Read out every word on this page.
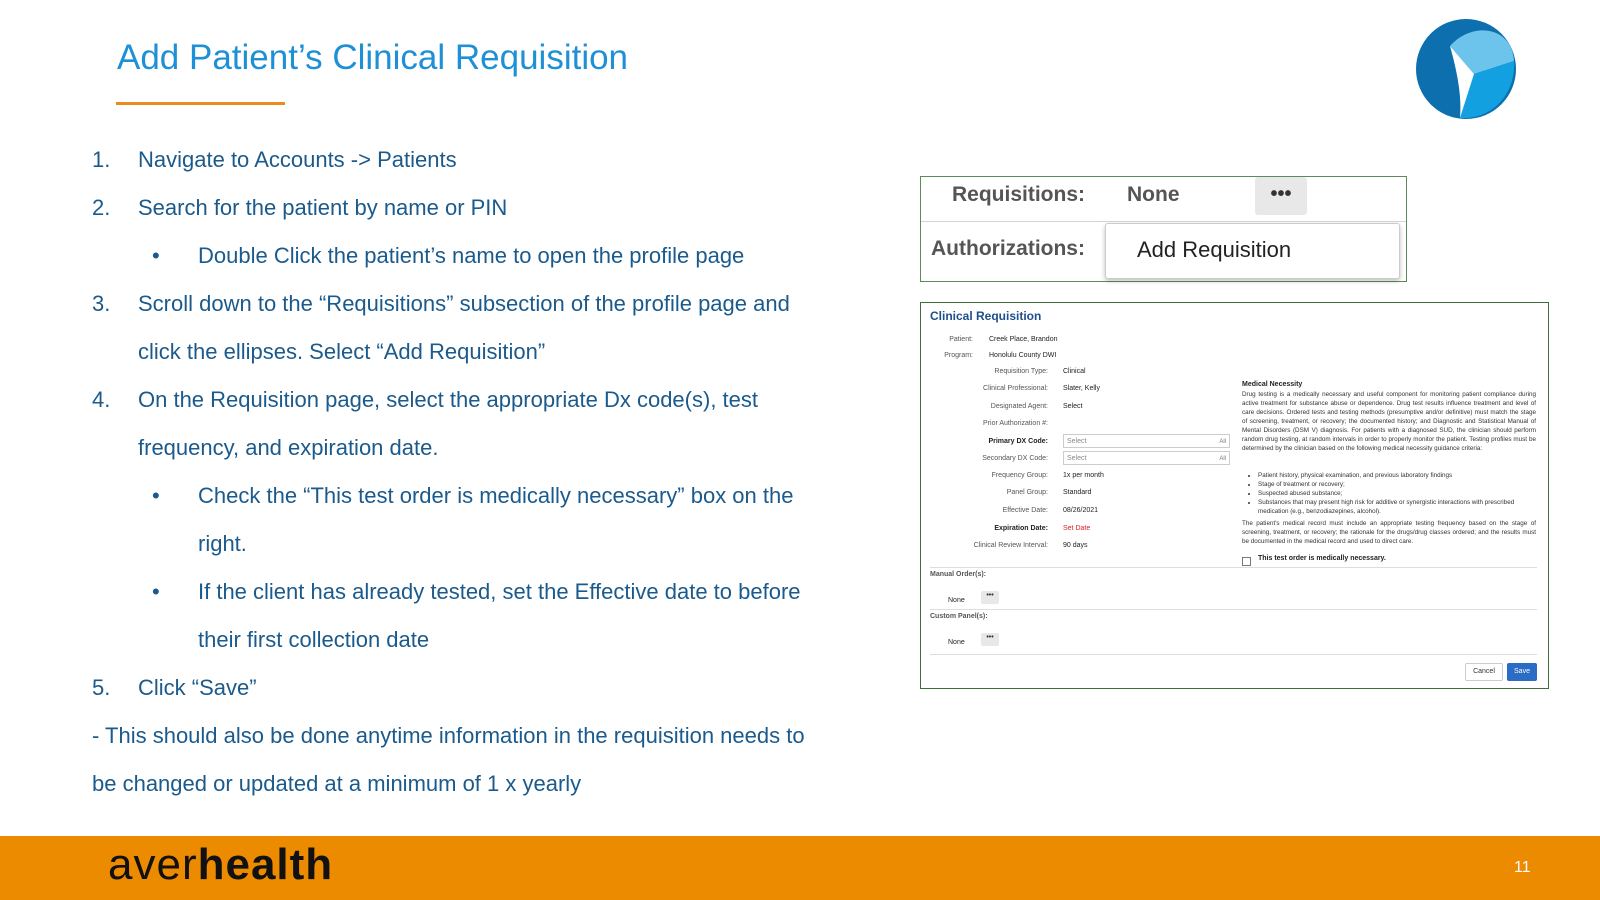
Add Patient’s Clinical Requisition
1. Navigate to Accounts -> Patients
2. Search for the patient by name or PIN
• Double Click the patient’s name to open the profile page
3. Scroll down to the “Requisitions” subsection of the profile page and
click the ellipses. Select “Add Requisition”
4. On the Requisition page, select the appropriate Dx code(s), test
frequency, and expiration date.
• Check the “This test order is medically necessary” box on the
right.
• If the client has already tested, set the Effective date to before
their first collection date
5. Click “Save”
- This should also be done anytime information in the requisition needs to
be changed or updated at a minimum of 1 x yearly
Requisitions: None	•••
Authorizations: Add Requisition
Clinical Requisition
Patient: Creek Place, Brandon
Program: Honolulu County DWI
Requisition Type: Clinical
Clinical Professional: Slater, Kelly
Designated Agent: Select
Prior Authorization #:
Primary DX Code:	Select	All
Secondary DX Code:	Select	All
Frequency Group: 1x per month
Panel Group: Standard
Effective Date: 08/26/2021
Expiration Date: Set Date
Clinical Review Interval: 90 days
Medical Necessity
Drug testing is a medically necessary and useful component for monitoring patient compliance during active treatment for substance abuse or dependence. Drug test results influence treatment and level of care decisions. Ordered tests and testing methods (presumptive and/or definitive) must match the stage of screening, treatment, or recovery; the documented history; and Diagnostic and Statistical Manual of Mental Disorders (DSM V) diagnosis. For patients with a diagnosed SUD, the clinician should perform random drug testing, at random intervals in order to properly monitor the patient. Testing profiles must be determined by the clinician based on the following medical necessity guidance criteria:
• Patient history, physical examination, and previous laboratory findings
• Stage of treatment or recovery;
• Suspected abused substance;
• Substances that may present high risk for additive or synergistic interactions with prescribed medication (e.g., benzodiazepines, alcohol).
The patient's medical record must include an appropriate testing frequency based on the stage of screening, treatment, or recovery; the rationale for the drugs/drug classes ordered; and the results must be documented in the medical record and used to direct care.
This test order is medically necessary.
Manual Order(s):
None
•••
Custom Panel(s):
None
•••
Cancel	Save
averhealth	11
